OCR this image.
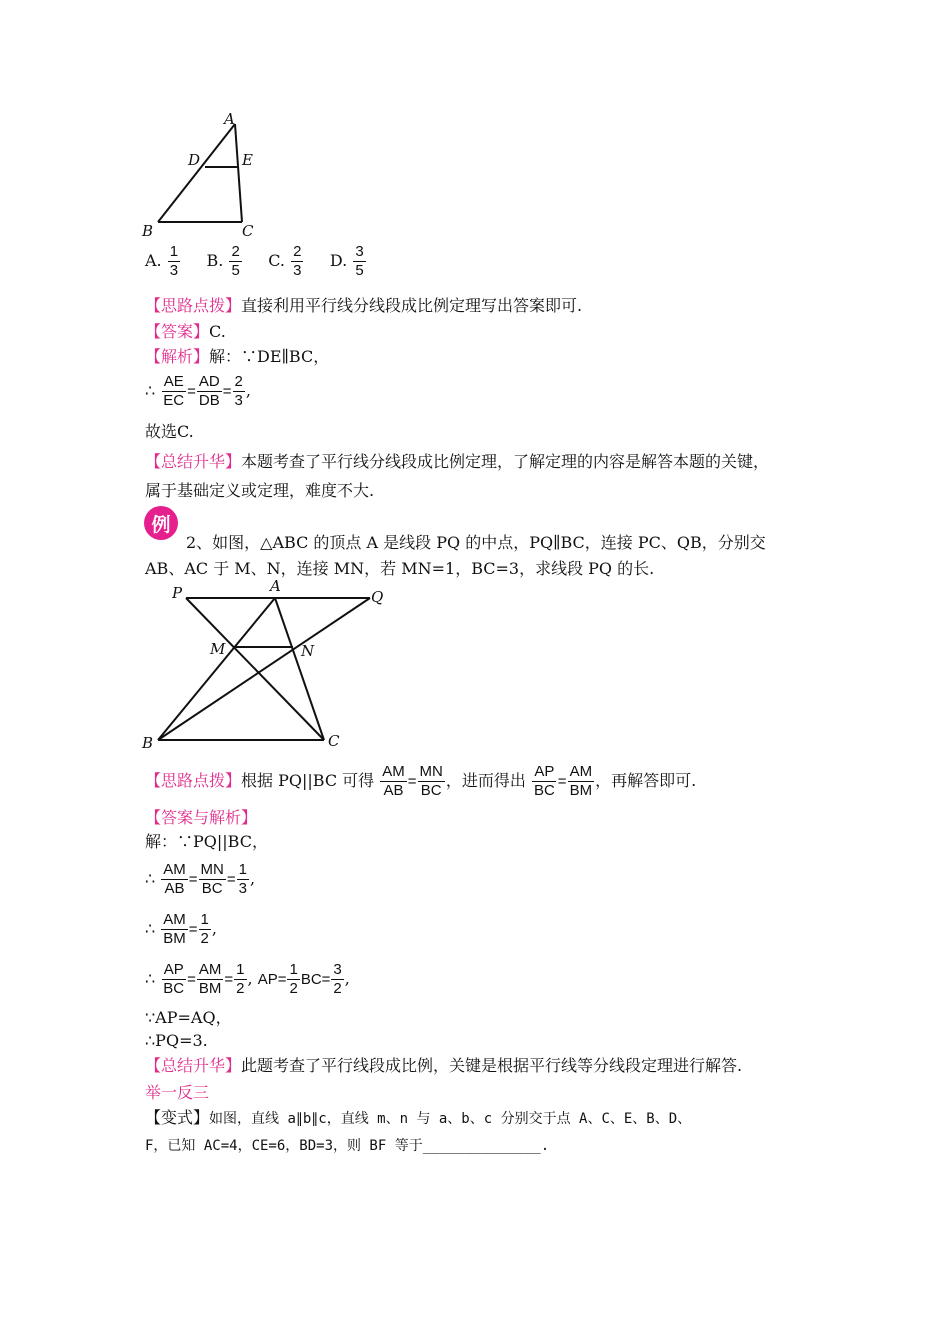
A
D	E
B	C
A. $\frac{1}{3} B$. $\frac{2}{5} C$. $\frac{2}{3} D$. $\frac{3}{5}$
【思路点拨】直接利用平行线分线段成比例定理写出答案即可.
【答案】C.
【解析】解：∵DE∥BC，
∴ $\frac{AE}{EC} = \frac{AD}{DB} = \frac{2}{3}$ ,
故选C.
【总结升华】本题考查了平行线分线段成比例定理，了解定理的内容是解答本题的关键，
属于基础定义或定理，难度不大.
例
2、如图，△ABC 的顶点 A 是线段 PQ 的中点，PQ∥BC，连接 PC、QB，分别交
AB、AC 于 M、N，连接 MN，若 MN=1，BC=3，求线段 PQ 的长.
P	A
Q
M	N
B	C
【思路点拨】根据 PQ||BC 可得 $\frac{AM}{AB} = \frac{MN}{BC}$ ，进而得出 $\frac{AP}{BC} = \frac{AM}{BM}$ ，再解答即可.
【答案与解析】
解：∵PQ||BC，
∴ $\frac{AM}{AB} = \frac{MN}{BC} = \frac{1}{3}$ ,
∴ $\frac{AM}{BM} = \frac{1}{2}$ ,
∴ $\frac{AP}{BC} = \frac{AM}{BM} = \frac{1}{2}$ , $AP= \frac{1}{2} BC= \frac{3}{2}$ ,
∵AP=AQ，
∴PQ=3.
【总结升华】此题考查了平行线段成比例，关键是根据平行线等分线段定理进行解答.
举一反三
【变式】如图，直线 a∥b∥c，直线 m、n 与 a、b、c 分别交于点 A、C、E、B、D、
F，已知 AC=4，CE=6，BD=3，则 BF 等于______________.
